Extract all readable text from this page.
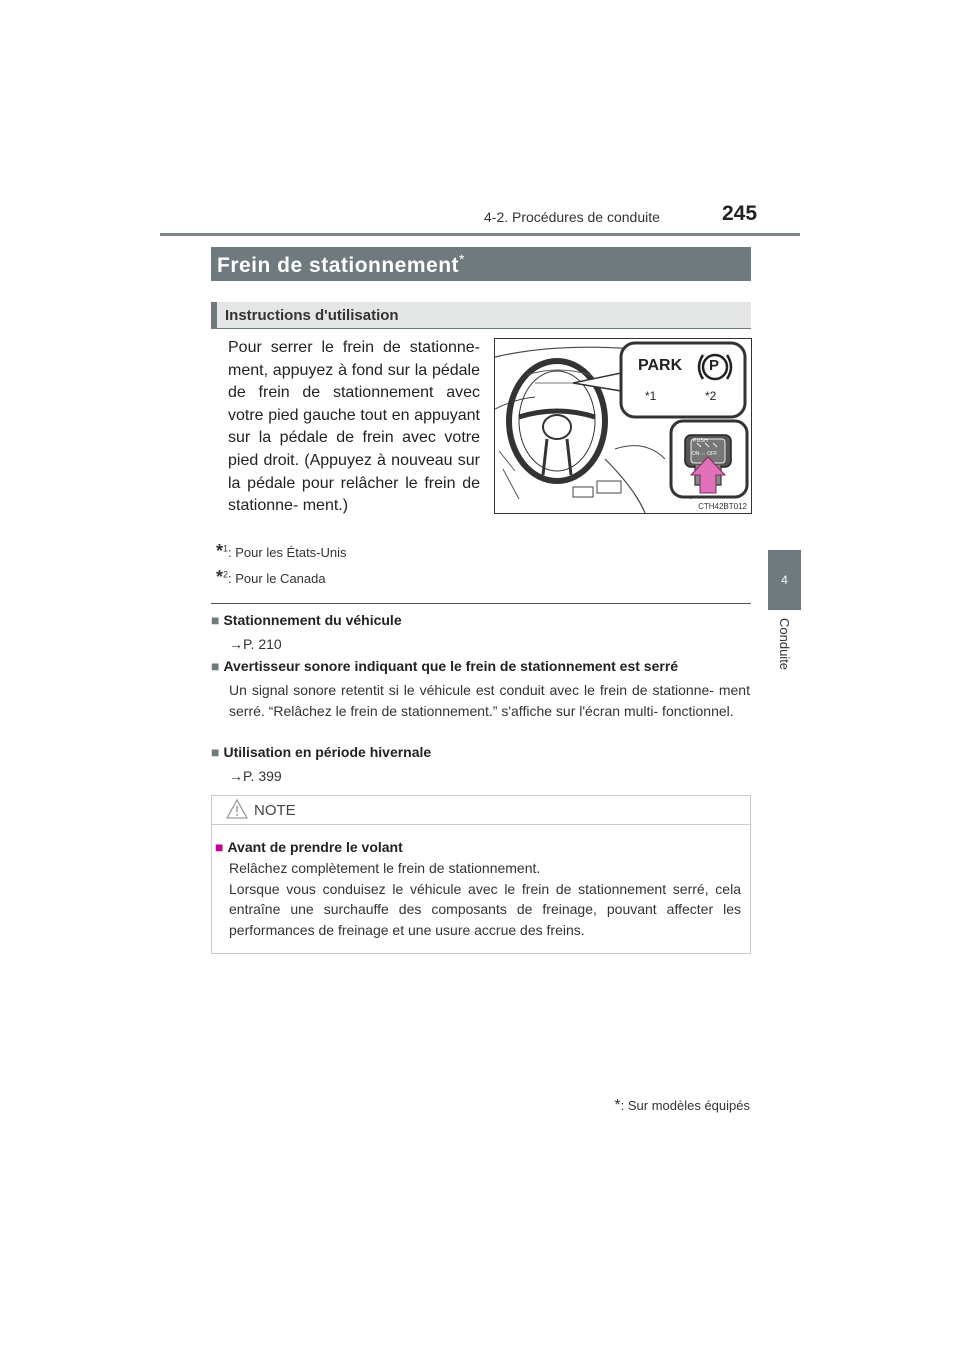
4-2. Procédures de conduite	245
4
Conduite
Frein de stationnement*
Instructions d'utilisation
Pour serrer le frein de stationne- ment, appuyez à fond sur la pédale de frein de stationnement avec votre pied gauche tout en appuyant sur la pédale de frein avec votre pied droit. (Appuyez à nouveau sur la pédale pour relâcher le frein de stationne- ment.)
PARK P
*1	*2
PUSH
ON ⇔ OFF
CTH42BT012
*$^1$: Pour les États-Unis
*$^2$: Pour le Canada
■ Stationnement du véhicule
→P. 210
■ Avertisseur sonore indiquant que le frein de stationnement est serré
Un signal sonore retentit si le véhicule est conduit avec le frein de stationne- ment serré. “Relâchez le frein de stationnement.” s'affiche sur l'écran multi- fonctionnel.
■ Utilisation en période hivernale
→P. 399
NOTE
■ Avant de prendre le volant
Relâchez complètement le frein de stationnement.
Lorsque vous conduisez le véhicule avec le frein de stationnement serré, cela entraîne une surchauffe des composants de freinage, pouvant affecter les performances de freinage et une usure accrue des freins.
*: Sur modèles équipés
